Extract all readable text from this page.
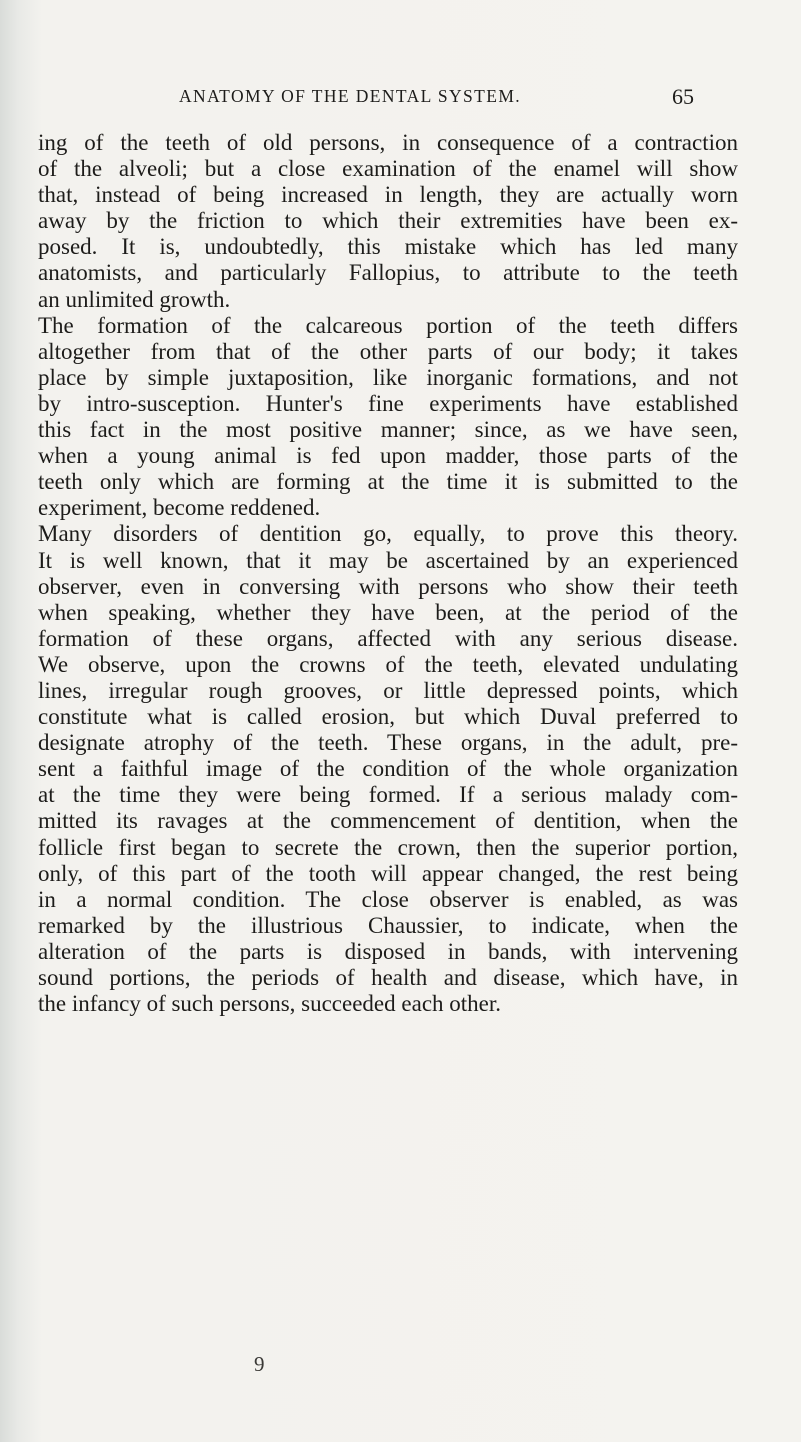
ANATOMY OF THE DENTAL SYSTEM.	65
ing of the teeth of old persons, in consequence of a contraction
of the alveoli; but a close examination of the enamel will show
that, instead of being increased in length, they are actually worn
away by the friction to which their extremities have been ex-
posed. It is, undoubtedly, this mistake which has led many
anatomists, and particularly Fallopius, to attribute to the teeth
an unlimited growth.
The formation of the calcareous portion of the teeth differs
altogether from that of the other parts of our body; it takes
place by simple juxtaposition, like inorganic formations, and not
by intro-susception. Hunter's fine experiments have established
this fact in the most positive manner; since, as we have seen,
when a young animal is fed upon madder, those parts of the
teeth only which are forming at the time it is submitted to the
experiment, become reddened.
Many disorders of dentition go, equally, to prove this theory.
It is well known, that it may be ascertained by an experienced
observer, even in conversing with persons who show their teeth
when speaking, whether they have been, at the period of the
formation of these organs, affected with any serious disease.
We observe, upon the crowns of the teeth, elevated undulating
lines, irregular rough grooves, or little depressed points, which
constitute what is called erosion, but which Duval preferred to
designate atrophy of the teeth. These organs, in the adult, pre-
sent a faithful image of the condition of the whole organization
at the time they were being formed. If a serious malady com-
mitted its ravages at the commencement of dentition, when the
follicle first began to secrete the crown, then the superior portion,
only, of this part of the tooth will appear changed, the rest being
in a normal condition. The close observer is enabled, as was
remarked by the illustrious Chaussier, to indicate, when the
alteration of the parts is disposed in bands, with intervening
sound portions, the periods of health and disease, which have, in
the infancy of such persons, succeeded each other.
9
